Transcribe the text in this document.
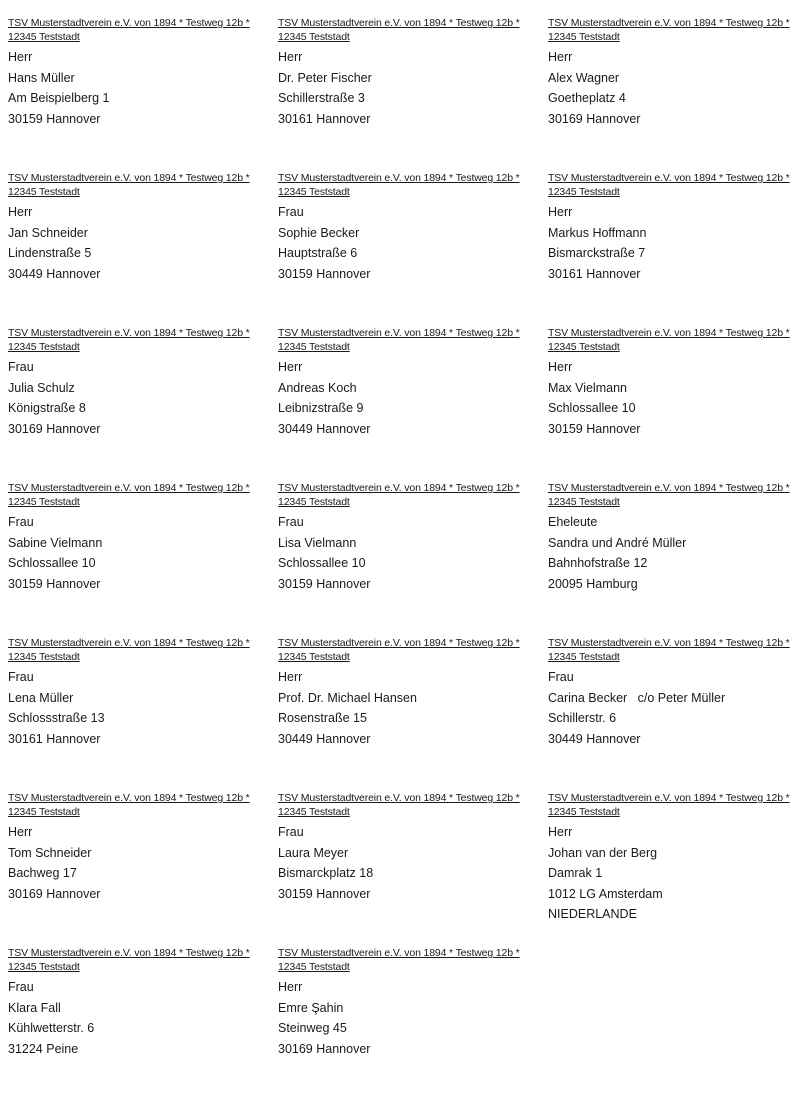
TSV Musterstadtverein e.V. von 1894 * Testweg 12b * 12345 Teststadt
Herr
Hans Müller
Am Beispielberg 1
30159 Hannover
TSV Musterstadtverein e.V. von 1894 * Testweg 12b * 12345 Teststadt
Herr
Dr. Peter Fischer
Schillerstraße 3
30161 Hannover
TSV Musterstadtverein e.V. von 1894 * Testweg 12b * 12345 Teststadt
Herr
Alex Wagner
Goetheplatz 4
30169 Hannover
TSV Musterstadtverein e.V. von 1894 * Testweg 12b * 12345 Teststadt
Herr
Jan Schneider
Lindenstraße 5
30449 Hannover
TSV Musterstadtverein e.V. von 1894 * Testweg 12b * 12345 Teststadt
Frau
Sophie Becker
Hauptstraße 6
30159 Hannover
TSV Musterstadtverein e.V. von 1894 * Testweg 12b * 12345 Teststadt
Herr
Markus Hoffmann
Bismarckstraße 7
30161 Hannover
TSV Musterstadtverein e.V. von 1894 * Testweg 12b * 12345 Teststadt
Frau
Julia Schulz
Königstraße 8
30169 Hannover
TSV Musterstadtverein e.V. von 1894 * Testweg 12b * 12345 Teststadt
Herr
Andreas Koch
Leibnizstraße 9
30449 Hannover
TSV Musterstadtverein e.V. von 1894 * Testweg 12b * 12345 Teststadt
Herr
Max Vielmann
Schlossallee 10
30159 Hannover
TSV Musterstadtverein e.V. von 1894 * Testweg 12b * 12345 Teststadt
Frau
Sabine Vielmann
Schlossallee 10
30159 Hannover
TSV Musterstadtverein e.V. von 1894 * Testweg 12b * 12345 Teststadt
Frau
Lisa Vielmann
Schlossallee 10
30159 Hannover
TSV Musterstadtverein e.V. von 1894 * Testweg 12b * 12345 Teststadt
Eheleute
Sandra und André Müller
Bahnhofstraße 12
20095 Hamburg
TSV Musterstadtverein e.V. von 1894 * Testweg 12b * 12345 Teststadt
Frau
Lena Müller
Schlossstraße 13
30161 Hannover
TSV Musterstadtverein e.V. von 1894 * Testweg 12b * 12345 Teststadt
Herr
Prof. Dr. Michael Hansen
Rosenstraße 15
30449 Hannover
TSV Musterstadtverein e.V. von 1894 * Testweg 12b * 12345 Teststadt
Frau
Carina Becker   c/o Peter Müller
Schillerstr. 6
30449 Hannover
TSV Musterstadtverein e.V. von 1894 * Testweg 12b * 12345 Teststadt
Herr
Tom Schneider
Bachweg 17
30169 Hannover
TSV Musterstadtverein e.V. von 1894 * Testweg 12b * 12345 Teststadt
Frau
Laura Meyer
Bismarckplatz 18
30159 Hannover
TSV Musterstadtverein e.V. von 1894 * Testweg 12b * 12345 Teststadt
Herr
Johan van der Berg
Damrak 1
1012 LG Amsterdam
NIEDERLANDE
TSV Musterstadtverein e.V. von 1894 * Testweg 12b * 12345 Teststadt
Frau
Klara Fall
Kühlwetterstr. 6
31224 Peine
TSV Musterstadtverein e.V. von 1894 * Testweg 12b * 12345 Teststadt
Herr
Emre Şahin
Steinweg 45
30169 Hannover
